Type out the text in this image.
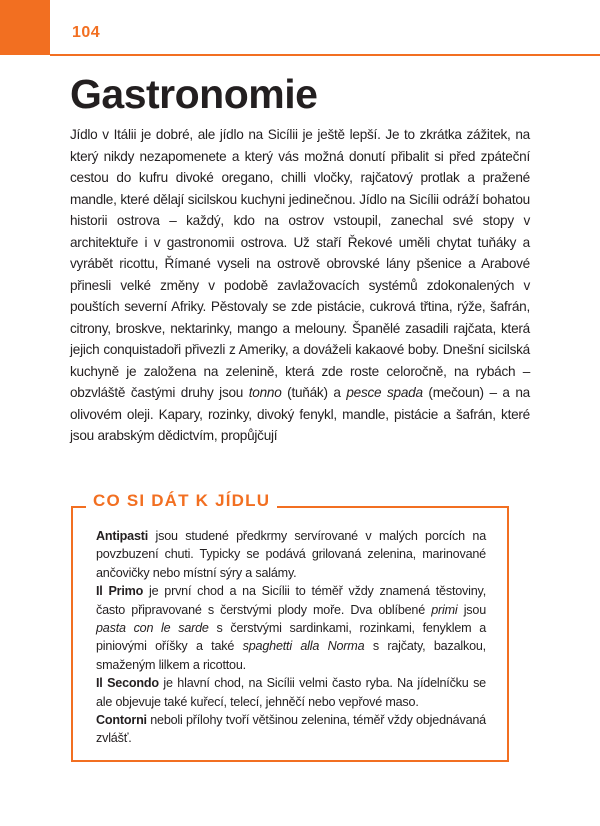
104
Gastronomie

Jídlo v Itálii je dobré, ale jídlo na Sicílii je ještě lepší. Je to zkrátka zážitek, na který nikdy nezapomenete a který vás možná donutí přibalit si před zpáteční cestou do kufru divoké oregano, chilli vločky, rajčatový protlak a pražené mandle, které dělají sicilskou kuchyni jedinečnou. Jídlo na Sicílii odráží bohatou historii ostrova – každý, kdo na ostrov vstoupil, zanechal své stopy v architektuře i v gastronomii ostrova. Už staří Řekové uměli chytat tuňáky a vyrábět ricottu, Římané vyseli na ostrově obrovské lány pšenice a Arabové přinesli velké změny v podobě zavlažovacích systémů zdokonalených v pouštích severní Afriky. Pěstovaly se zde pistácie, cukrová třtina, rýže, šafrán, citrony, broskve, nektarinky, mango a melouny. Španělé zasadili rajčata, která jejich conquistadoři přivezli z Ameriky, a dováželi kakaové boby. Dnešní sicilská kuchyně je založena na zelenině, která zde roste celoročně, na rybách – obzvláště častými druhy jsou tonno (tuňák) a pesce spada (mečoun) – a na olivovém oleji. Kapary, rozinky, divoký fenykl, mandle, pistácie a šafrán, které jsou arabským dědictvím, propůjčují

CO SI DÁT K JÍDLU

Antipasti jsou studené předkrmy servírované v malých porcích na povzbuzení chuti. Typicky se podává grilovaná zelenina, marinované ančovičky nebo místní sýry a salámy.

Il Primo je první chod a na Sicílii to téměř vždy znamená těstoviny, často připravované s čerstvými plody moře. Dva oblíbené primi jsou pasta con le sarde s čerstvými sardinkami, rozinkami, fenyklem a piniovými oříšky a také spaghetti alla Norma s rajčaty, bazalkou, smaženým lilkem a ricottou.

Il Secondo je hlavní chod, na Sicílii velmi často ryba. Na jídelníčku se ale objevuje také kuřecí, telecí, jehněčí nebo vepřové maso.

Contorni neboli přílohy tvoří většinou zelenina, téměř vždy objednávaná zvlášť.
